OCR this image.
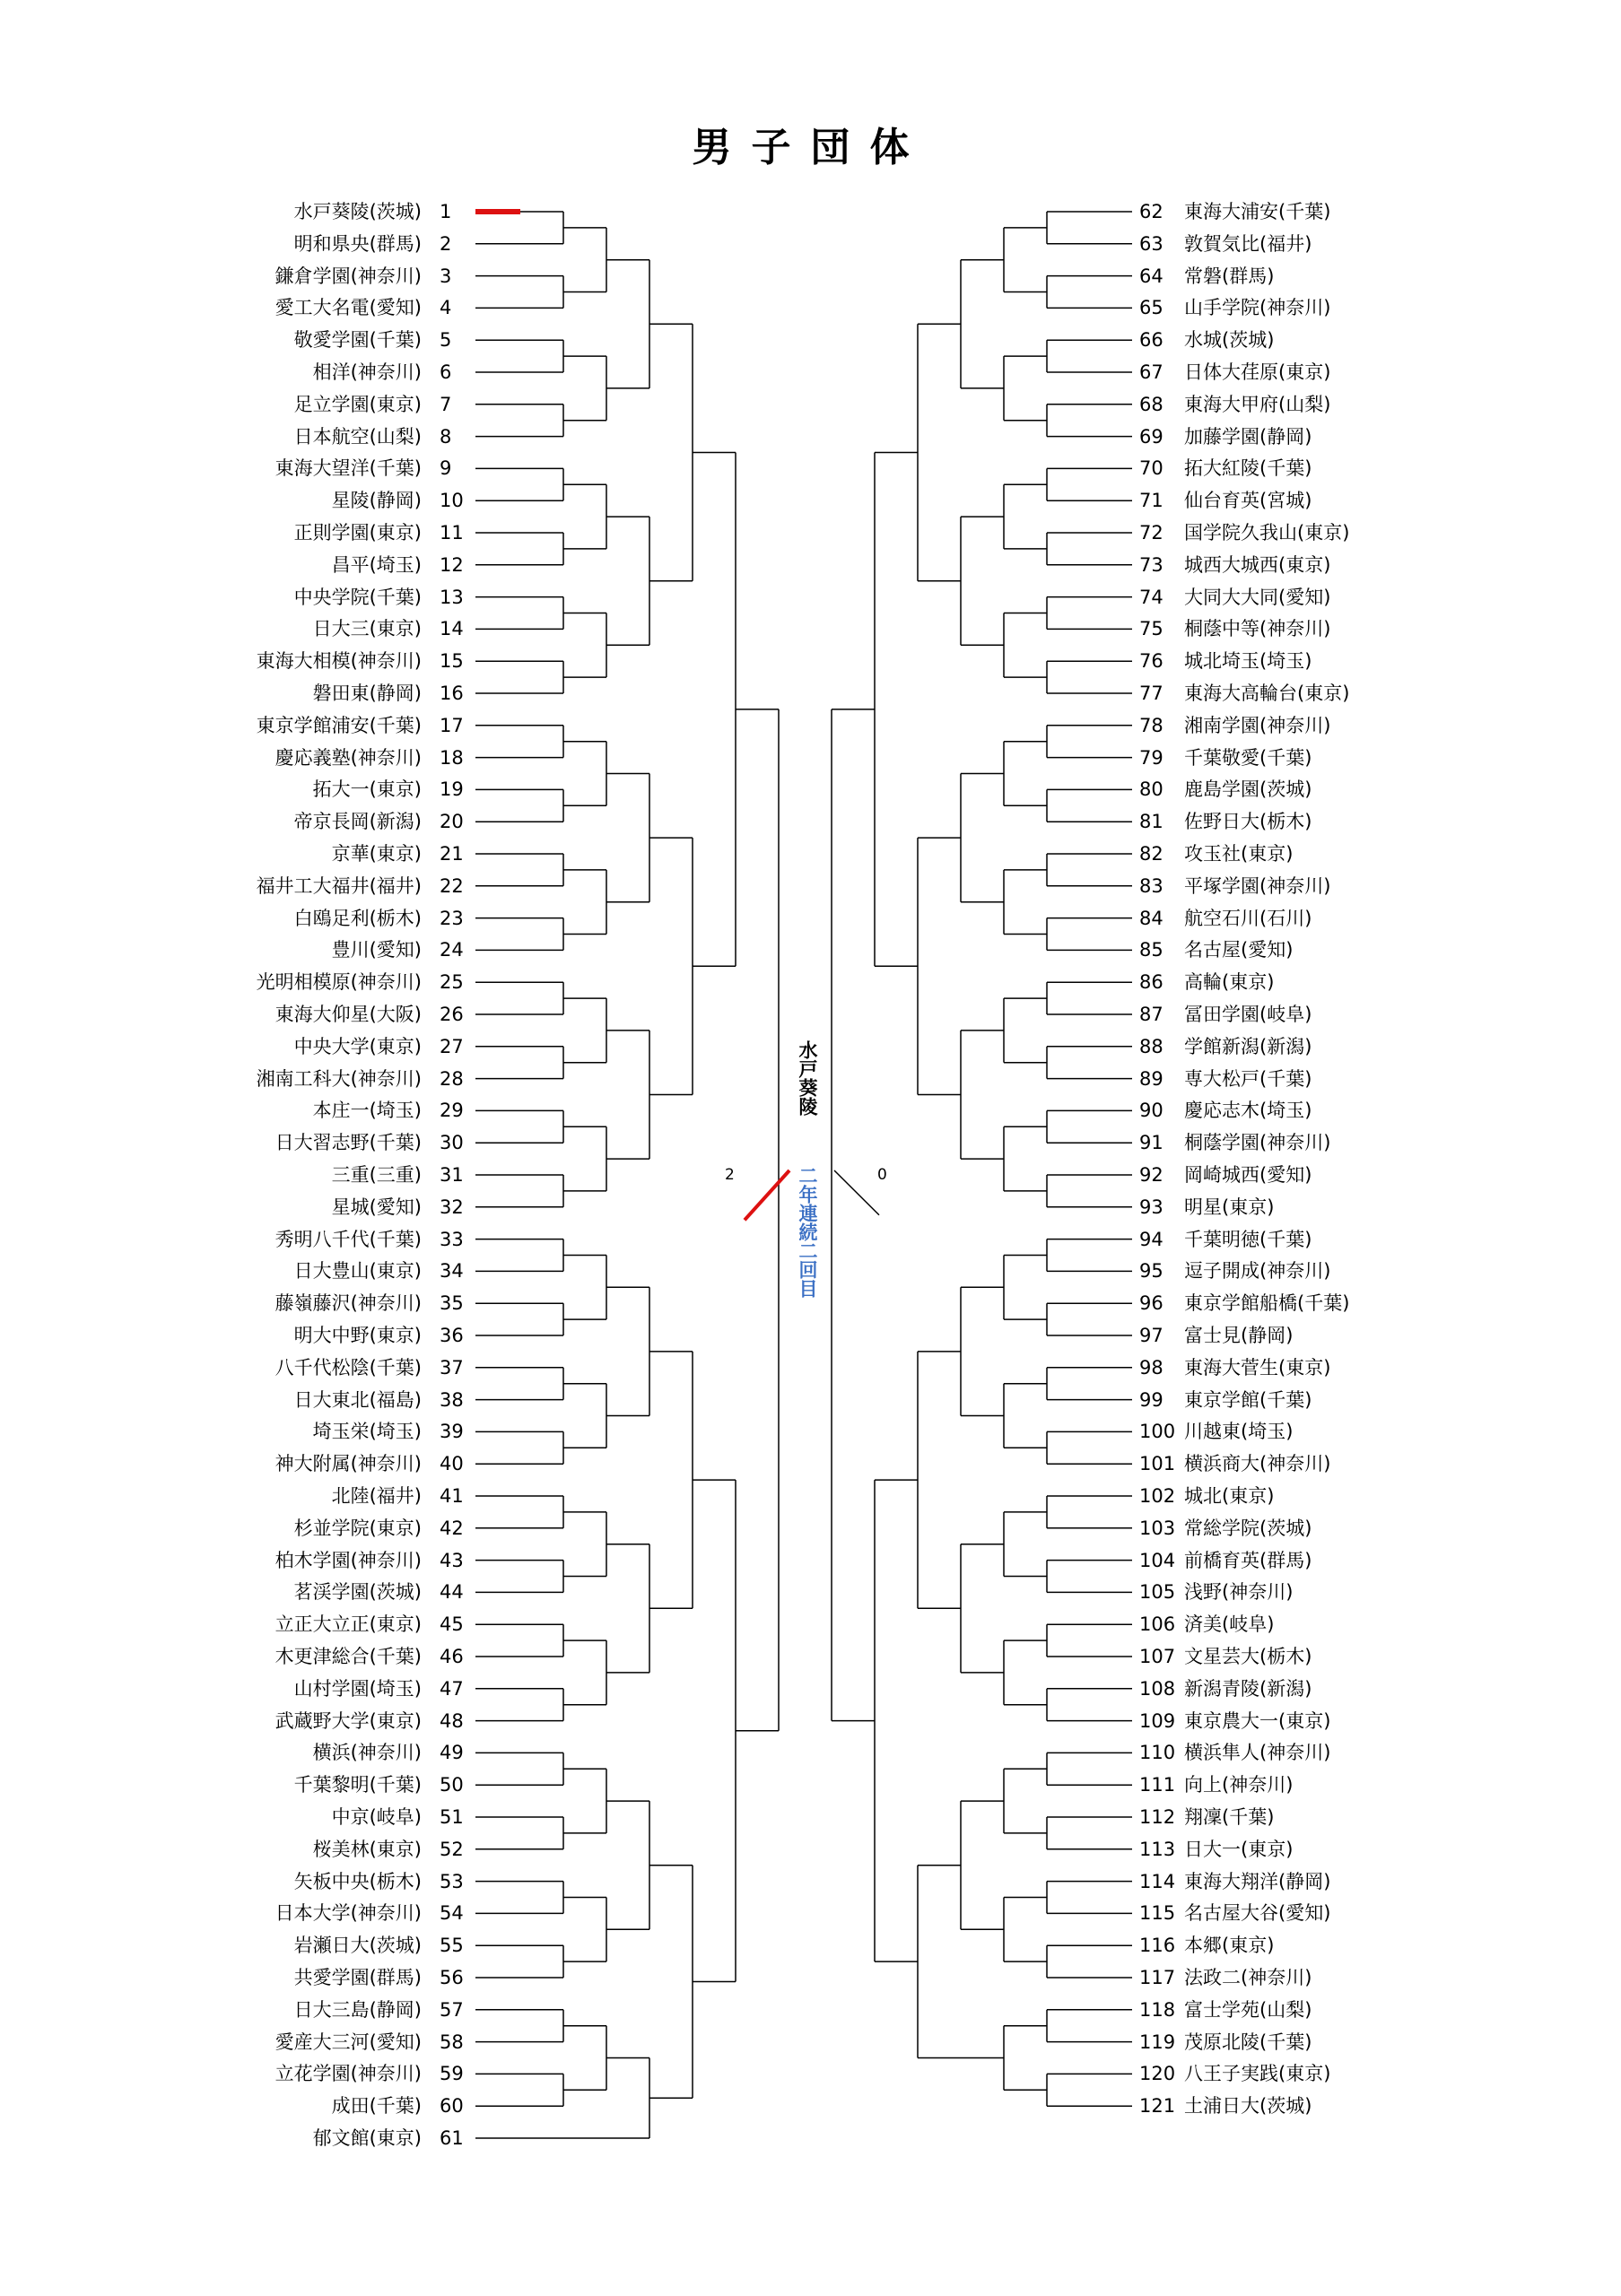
男子団体
水戸葵陵(茨城) 1
明和県央(群馬) 2
鎌倉学園(神奈川) 3
愛工大名電(愛知) 4
敬愛学園(千葉) 5
相洋(神奈川) 6
足立学園(東京) 7
日本航空(山梨) 8
東海大望洋(千葉) 9
星陵(静岡) 10
正則学園(東京) 11
昌平(埼玉) 12
中央学院(千葉) 13
日大三(東京) 14
東海大相模(神奈川) 15
磐田東(静岡) 16
東京学館浦安(千葉) 17
慶応義塾(神奈川) 18
拓大一(東京) 19
帝京長岡(新潟) 20
京華(東京) 21
福井工大福井(福井) 22
白鴎足利(栃木) 23
豊川(愛知) 24
光明相模原(神奈川) 25
東海大仰星(大阪) 26
中央大学(東京) 27
湘南工科大(神奈川) 28
本庄一(埼玉) 29
日大習志野(千葉) 30
三重(三重) 31
星城(愛知) 32
秀明八千代(千葉) 33
日大豊山(東京) 34
藤嶺藤沢(神奈川) 35
明大中野(東京) 36
八千代松陰(千葉) 37
日大東北(福島) 38
埼玉栄(埼玉) 39
神大附属(神奈川) 40
北陸(福井) 41
杉並学院(東京) 42
柏木学園(神奈川) 43
茗渓学園(茨城) 44
立正大立正(東京) 45
木更津総合(千葉) 46
山村学園(埼玉) 47
武蔵野大学(東京) 48
横浜(神奈川) 49
千葉黎明(千葉) 50
中京(岐阜) 51
桜美林(東京) 52
矢板中央(栃木) 53
日本大学(神奈川) 54
岩瀬日大(茨城) 55
共愛学園(群馬) 56
日大三島(静岡) 57
愛産大三河(愛知) 58
立花学園(神奈川) 59
成田(千葉) 60
郁文館(東京) 61
62 東海大浦安(千葉)
63 敦賀気比(福井)
64 常磐(群馬)
65 山手学院(神奈川)
66 水城(茨城)
67 日体大荏原(東京)
68 東海大甲府(山梨)
69 加藤学園(静岡)
70 拓大紅陵(千葉)
71 仙台育英(宮城)
72 国学院久我山(東京)
73 城西大城西(東京)
74 大同大大同(愛知)
75 桐蔭中等(神奈川)
76 城北埼玉(埼玉)
77 東海大高輪台(東京)
78 湘南学園(神奈川)
79 千葉敬愛(千葉)
80 鹿島学園(茨城)
81 佐野日大(栃木)
82 攻玉社(東京)
83 平塚学園(神奈川)
84 航空石川(石川)
85 名古屋(愛知)
86 高輪(東京)
87 冨田学園(岐阜)
88 学館新潟(新潟)
89 専大松戸(千葉)
90 慶応志木(埼玉)
91 桐蔭学園(神奈川)
92 岡崎城西(愛知)
93 明星(東京)
94 千葉明徳(千葉)
95 逗子開成(神奈川)
96 東京学館船橋(千葉)
97 富士見(静岡)
98 東海大菅生(東京)
99 東京学館(千葉)
100 川越東(埼玉)
101 横浜商大(神奈川)
102 城北(東京)
103 常総学院(茨城)
104 前橋育英(群馬)
105 浅野(神奈川)
106 済美(岐阜)
107 文星芸大(栃木)
108 新潟青陵(新潟)
109 東京農大一(東京)
110 横浜隼人(神奈川)
111 向上(神奈川)
112 翔凜(千葉)
113 日大一(東京)
114 東海大翔洋(静岡)
115 名古屋大谷(愛知)
116 本郷(東京)
117 法政二(神奈川)
118 富士学苑(山梨)
119 茂原北陵(千葉)
120 八王子実践(東京)
121 土浦日大(茨城)
水戸葵陵
二年連続二回目
2	0
